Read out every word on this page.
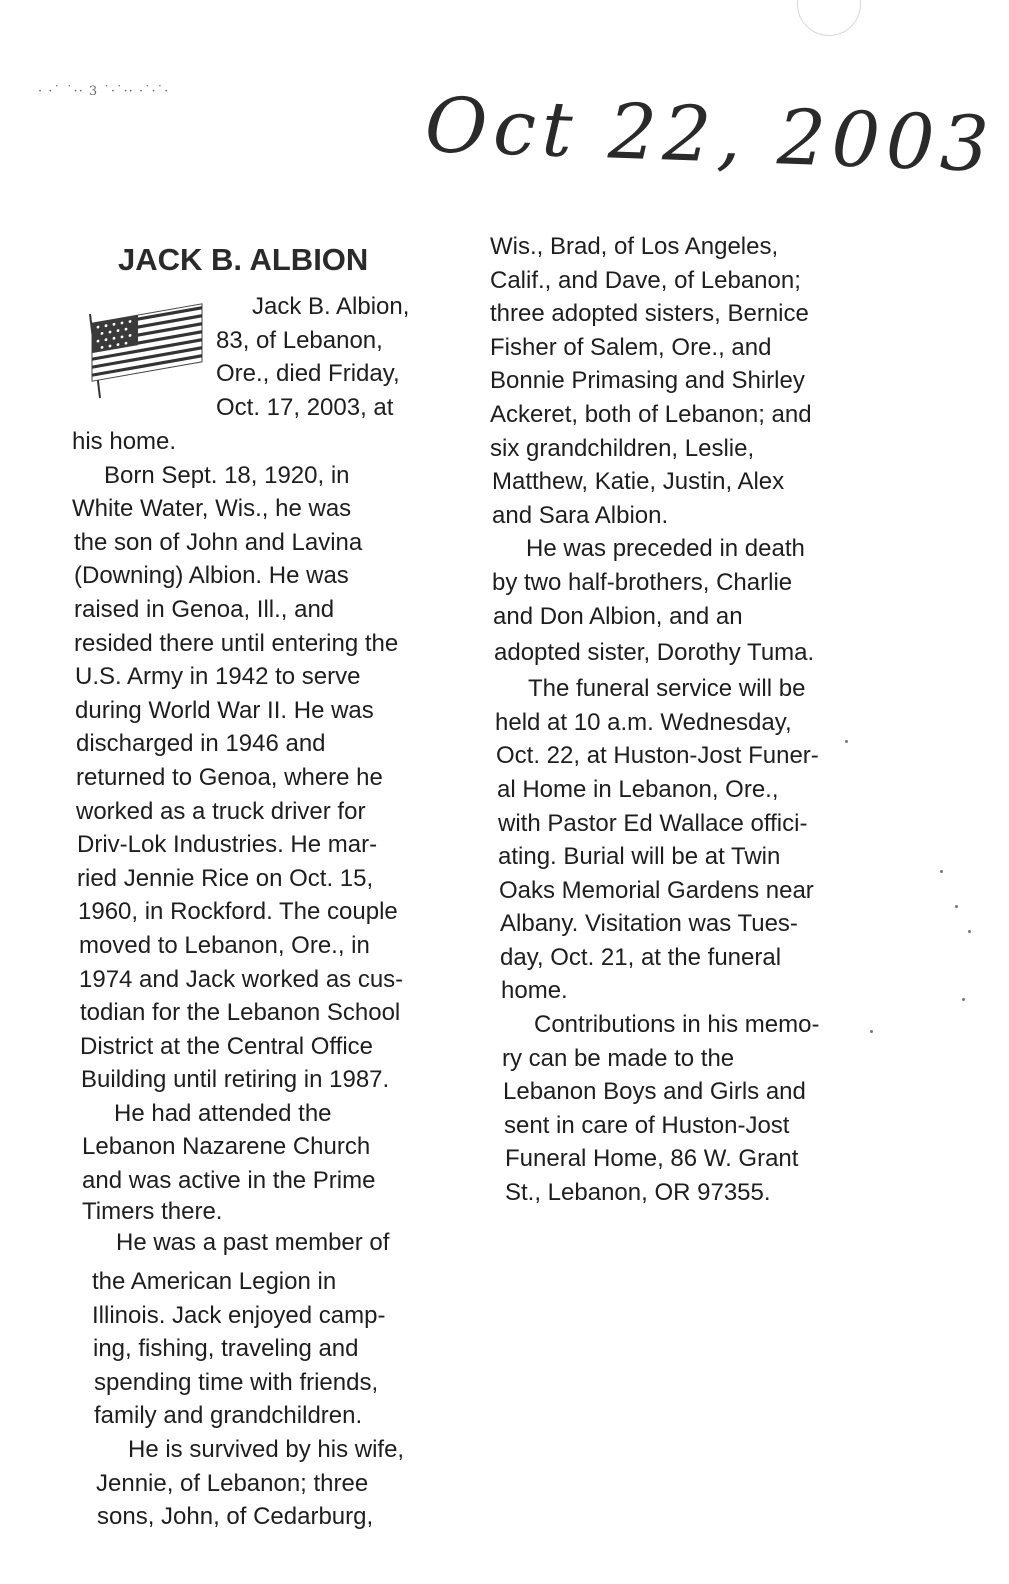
· ·˙ ˙·· 3 ˙·˙·· ·˙·˙·	Oct 22, 2003
JACK B. ALBION
Jack B. Albion,
83, of Lebanon,
Ore., died Friday,
Oct. 17, 2003, at
his home.
Born Sept. 18, 1920, in
White Water, Wis., he was
the son of John and Lavina
(Downing) Albion. He was
raised in Genoa, Ill., and
resided there until entering the
U.S. Army in 1942 to serve
during World War II. He was
discharged in 1946 and
returned to Genoa, where he
worked as a truck driver for
Driv-Lok Industries. He mar-
ried Jennie Rice on Oct. 15,
1960, in Rockford. The couple
moved to Lebanon, Ore., in
1974 and Jack worked as cus-
todian for the Lebanon School
District at the Central Office
Building until retiring in 1987.
He had attended the
Lebanon Nazarene Church
and was active in the Prime
Timers there.
He was a past member of
the American Legion in
Illinois. Jack enjoyed camp-
ing, fishing, traveling and
spending time with friends,
family and grandchildren.
He is survived by his wife,
Jennie, of Lebanon; three
sons, John, of Cedarburg,
Wis., Brad, of Los Angeles,
Calif., and Dave, of Lebanon;
three adopted sisters, Bernice
Fisher of Salem, Ore., and
Bonnie Primasing and Shirley
Ackeret, both of Lebanon; and
six grandchildren, Leslie,
Matthew, Katie, Justin, Alex
and Sara Albion.
He was preceded in death
by two half-brothers, Charlie
and Don Albion, and an
adopted sister, Dorothy Tuma.
The funeral service will be
held at 10 a.m. Wednesday,
Oct. 22, at Huston-Jost Funer-
al Home in Lebanon, Ore.,
with Pastor Ed Wallace offici-
ating. Burial will be at Twin
Oaks Memorial Gardens near
Albany. Visitation was Tues-
day, Oct. 21, at the funeral
home.
Contributions in his memo-
ry can be made to the
Lebanon Boys and Girls and
sent in care of Huston-Jost
Funeral Home, 86 W. Grant
St., Lebanon, OR 97355.
